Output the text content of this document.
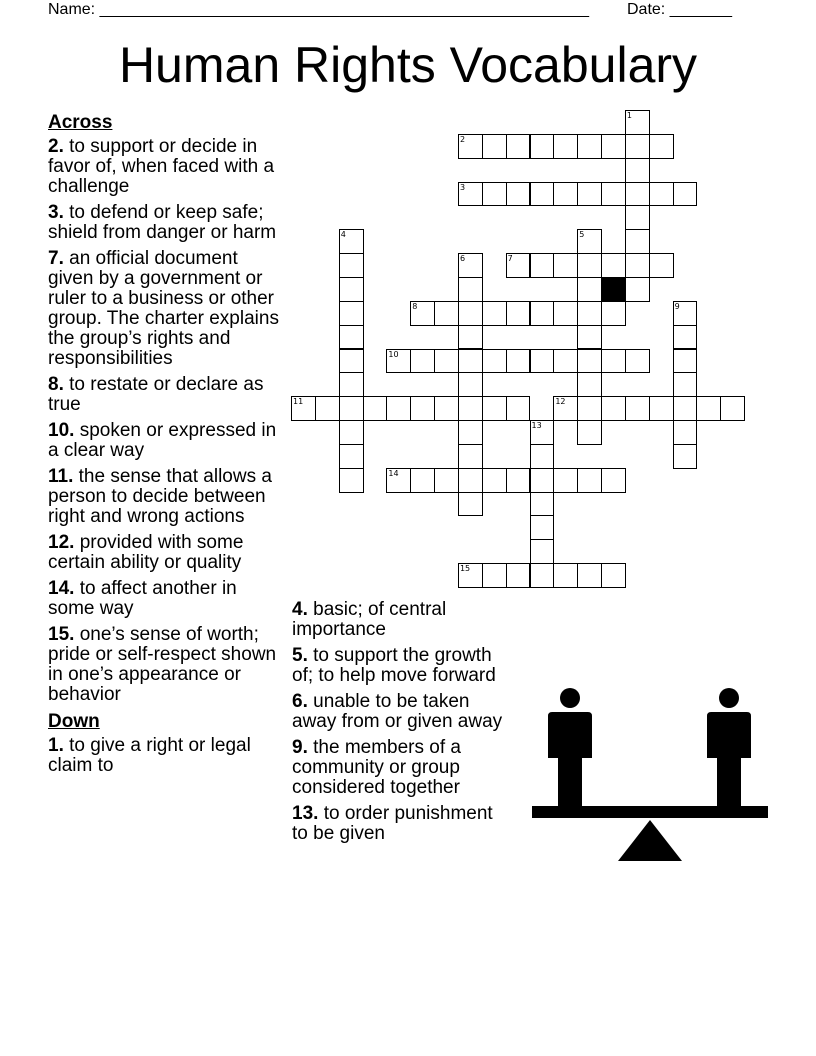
Name: _______________________________________________________ Date: _______
Human Rights Vocabulary
Across
2. to support or decide in favor of, when faced with a challenge
3. to defend or keep safe; shield from danger or harm
7. an official document given by a government or ruler to a business or other group. The charter explains the group’s rights and responsibilities
8. to restate or declare as true
10. spoken or expressed in a clear way
11. the sense that allows a person to decide between right and wrong actions
12. provided with some certain ability or quality
14. to affect another in some way
15. one’s sense of worth; pride or self-respect shown in one’s appearance or behavior
Down
1. to give a right or legal claim to
4. basic; of central importance
5. to support the growth of; to help move forward
6. unable to be taken away from or given away
9. the members of a community or group considered together
13. to order punishment to be given
2
3
7
8
10
11	12
14
15
1
4	5
6
9
13
